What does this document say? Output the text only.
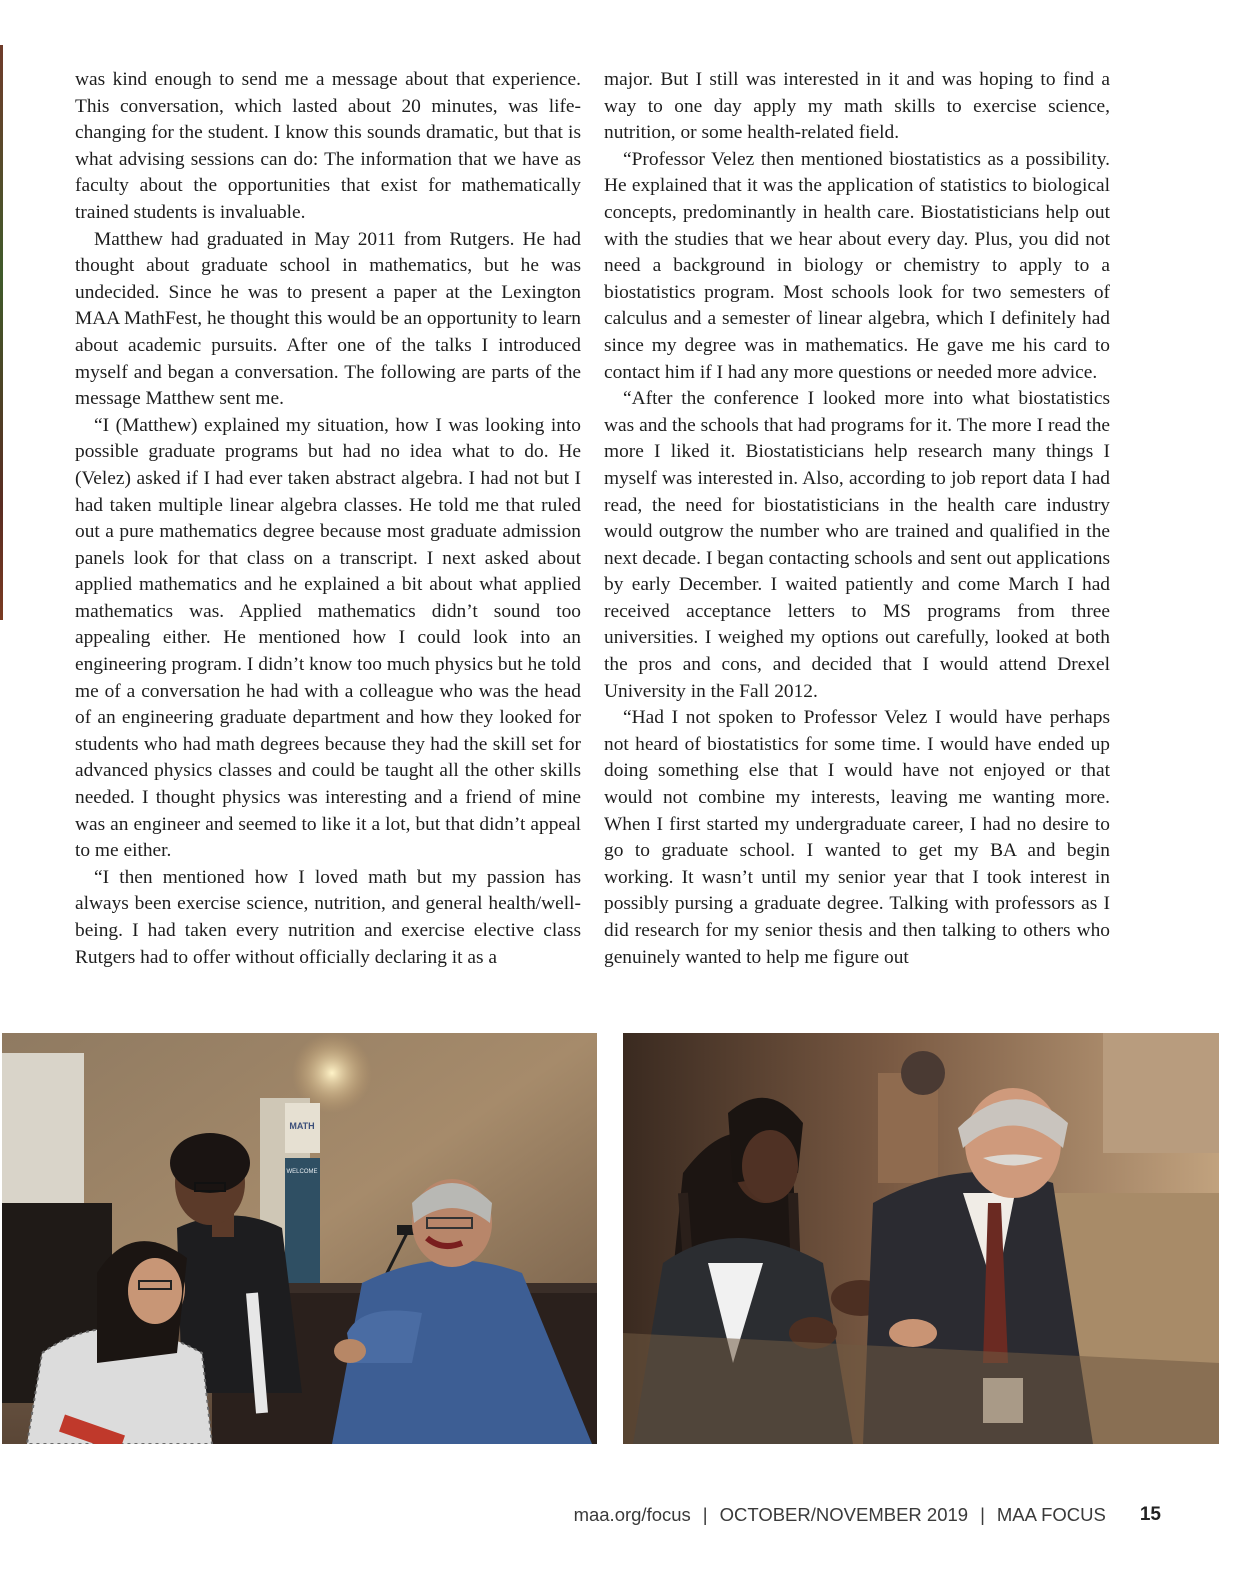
was kind enough to send me a message about that experience. This conversation, which lasted about 20 minutes, was life-changing for the student. I know this sounds dramatic, but that is what advising sessions can do: The information that we have as faculty about the opportunities that exist for mathematically trained students is invaluable.

Matthew had graduated in May 2011 from Rutgers. He had thought about graduate school in mathematics, but he was undecided. Since he was to present a paper at the Lexington MAA MathFest, he thought this would be an opportunity to learn about academic pursuits. After one of the talks I introduced myself and began a conversation. The following are parts of the message Matthew sent me.

“I (Matthew) explained my situation, how I was looking into possible graduate programs but had no idea what to do. He (Velez) asked if I had ever taken abstract algebra. I had not but I had taken multiple linear algebra classes. He told me that ruled out a pure mathematics degree because most graduate admission panels look for that class on a transcript. I next asked about applied mathematics and he explained a bit about what applied mathematics was. Applied mathematics didn’t sound too appealing either. He mentioned how I could look into an engineering program. I didn’t know too much physics but he told me of a conversation he had with a colleague who was the head of an engineering graduate department and how they looked for students who had math degrees because they had the skill set for advanced physics classes and could be taught all the other skills needed. I thought physics was interesting and a friend of mine was an engineer and seemed to like it a lot, but that didn’t appeal to me either.

“I then mentioned how I loved math but my passion has always been exercise science, nutrition, and general health/well-being. I had taken every nutrition and exercise elective class Rutgers had to offer without officially declaring it as a

major. But I still was interested in it and was hoping to find a way to one day apply my math skills to exercise science, nutrition, or some health-related field.

“Professor Velez then mentioned biostatistics as a possibility. He explained that it was the application of statistics to biological concepts, predominantly in health care. Biostatisticians help out with the studies that we hear about every day. Plus, you did not need a background in biology or chemistry to apply to a biostatistics program. Most schools look for two semesters of calculus and a semester of linear algebra, which I definitely had since my degree was in mathematics. He gave me his card to contact him if I had any more questions or needed more advice.

“After the conference I looked more into what biostatistics was and the schools that had programs for it. The more I read the more I liked it. Biostatisticians help research many things I myself was interested in. Also, according to job report data I had read, the need for biostatisticians in the health care industry would outgrow the number who are trained and qualified in the next decade. I began contacting schools and sent out applications by early December. I waited patiently and come March I had received acceptance letters to MS programs from three universities. I weighed my options out carefully, looked at both the pros and cons, and decided that I would attend Drexel University in the Fall 2012.

“Had I not spoken to Professor Velez I would have perhaps not heard of biostatistics for some time. I would have ended up doing something else that I would have not enjoyed or that would not combine my interests, leaving me wanting more. When I first started my undergraduate career, I had no desire to go to graduate school. I wanted to get my BA and begin working. It wasn’t until my senior year that I took interest in possibly pursing a graduate degree. Talking with professors as I did research for my senior thesis and then talking to others who genuinely wanted to help me figure out

MATH
WELCOME
maa.org/focus | OCTOBER/NOVEMBER 2019 | MAA FOCUS 15
